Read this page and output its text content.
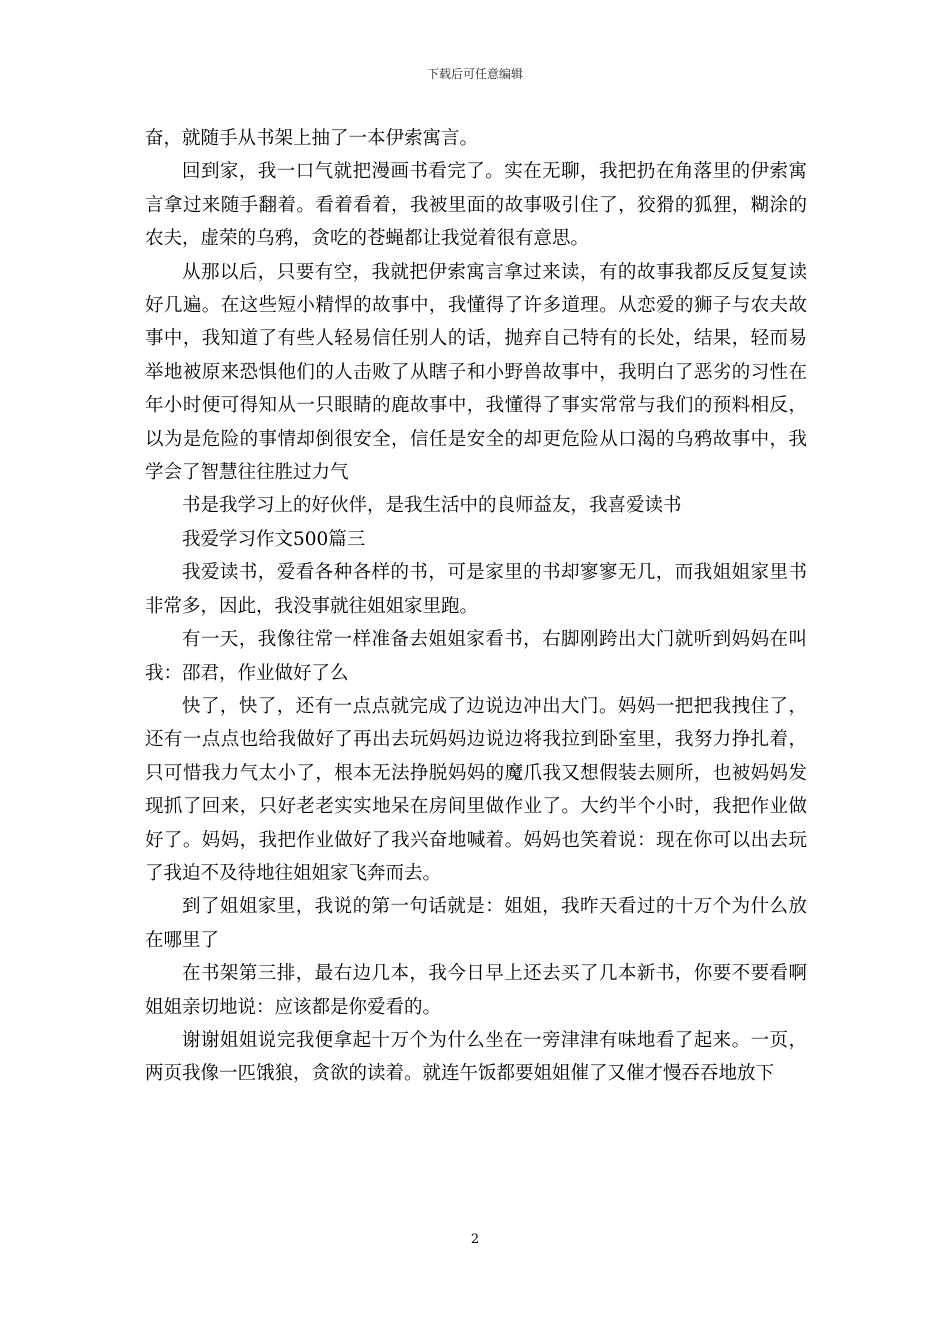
下载后可任意编辑

奋，就随手从书架上抽了一本伊索寓言。

回到家，我一口气就把漫画书看完了。实在无聊，我把扔在角落里的伊索寓言拿过来随手翻着。看着看着，我被里面的故事吸引住了，狡猾的狐狸，糊涂的农夫，虚荣的乌鸦，贪吃的苍蝇都让我觉着很有意思。

从那以后，只要有空，我就把伊索寓言拿过来读，有的故事我都反反复复读好几遍。在这些短小精悍的故事中，我懂得了许多道理。从恋爱的狮子与农夫故事中，我知道了有些人轻易信任别人的话，抛弃自己特有的长处，结果，轻而易举地被原来恐惧他们的人击败了从瞎子和小野兽故事中，我明白了恶劣的习性在年小时便可得知从一只眼睛的鹿故事中，我懂得了事实常常与我们的预料相反，以为是危险的事情却倒很安全，信任是安全的却更危险从口渴的乌鸦故事中，我学会了智慧往往胜过力气

书是我学习上的好伙伴，是我生活中的良师益友，我喜爱读书

我爱学习作文500篇三

我爱读书，爱看各种各样的书，可是家里的书却寥寥无几，而我姐姐家里书非常多，因此，我没事就往姐姐家里跑。

有一天，我像往常一样准备去姐姐家看书，右脚刚跨出大门就听到妈妈在叫我：邵君，作业做好了么

快了，快了，还有一点点就完成了边说边冲出大门。妈妈一把把我拽住了，还有一点点也给我做好了再出去玩妈妈边说边将我拉到卧室里，我努力挣扎着，只可惜我力气太小了，根本无法挣脱妈妈的魔爪我又想假装去厕所，也被妈妈发现抓了回来，只好老老实实地呆在房间里做作业了。大约半个小时，我把作业做好了。妈妈，我把作业做好了我兴奋地喊着。妈妈也笑着说：现在你可以出去玩了我迫不及待地往姐姐家飞奔而去。

到了姐姐家里，我说的第一句话就是：姐姐，我昨天看过的十万个为什么放在哪里了

在书架第三排，最右边几本，我今日早上还去买了几本新书，你要不要看啊姐姐亲切地说：应该都是你爱看的。

谢谢姐姐说完我便拿起十万个为什么坐在一旁津津有味地看了起来。一页，两页我像一匹饿狼，贪欲的读着。就连午饭都要姐姐催了又催才慢吞吞地放下

2
